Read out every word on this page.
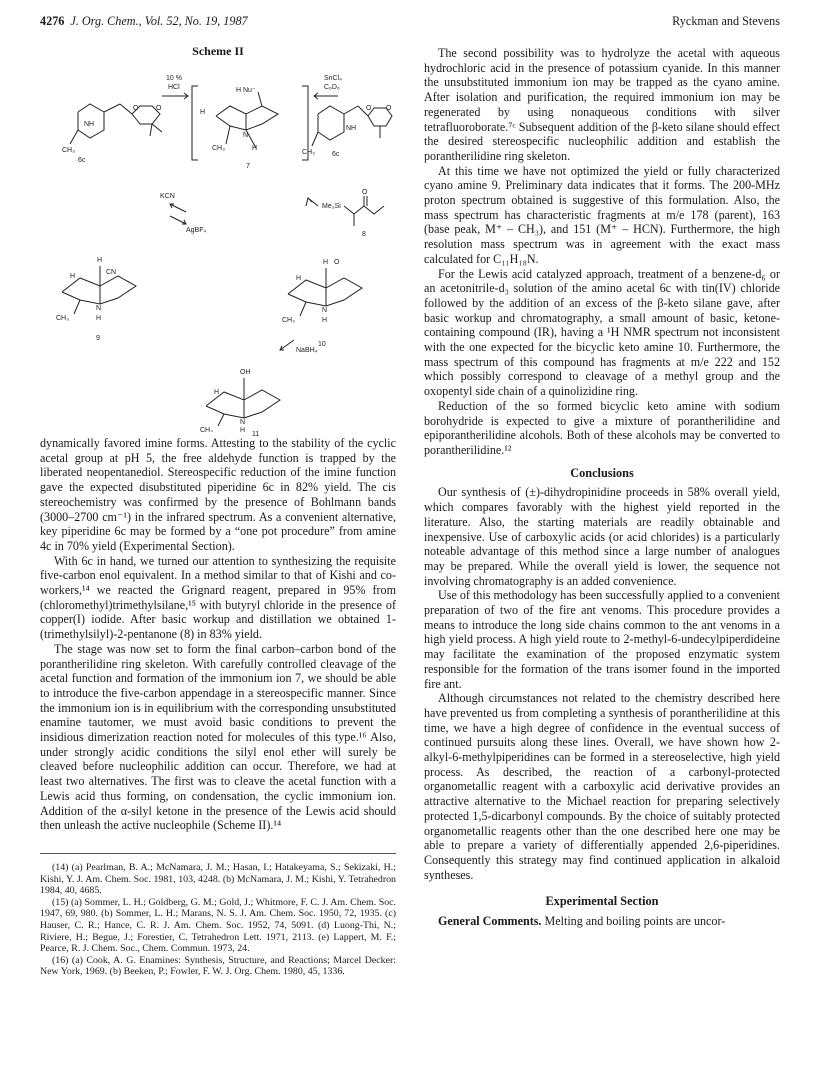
4276 J. Org. Chem., Vol. 52, No. 19, 1987	Ryckman and Stevens
Scheme II
NH
O	O
CH₃
6c
10 %
HCl	H Nu⁻
H
N
CH₃	H
7
SnCl₄
C₆D₆
NH
O O
CH₃ 6c
KCN
AgBF₄
Me₃Si
O
8
H
CN
H
N
CH₃	H
9
H O
H
N
CH₃	H
10
NaBH₄
OH
H
N
CH₃	H
11

dynamically favored imine forms. Attesting to the stability of the cyclic acetal group at pH 5, the free aldehyde function is trapped by the liberated neopentanediol. Stereospecific reduction of the imine function gave the expected disubstituted piperidine 6c in 82% yield. The cis stereochemistry was confirmed by the presence of Bohlmann bands (3000–2700 cm⁻¹) in the infrared spectrum. As a convenient alternative, key piperidine 6c may be formed by a “one pot procedure” from amine 4c in 70% yield (Experimental Section).

With 6c in hand, we turned our attention to synthesizing the requisite five-carbon enol equivalent. In a method similar to that of Kishi and co-workers,¹⁴ we reacted the Grignard reagent, prepared in 95% from (chloromethyl)trimethylsilane,¹⁵ with butyryl chloride in the presence of copper(I) iodide. After basic workup and distillation we obtained 1-(trimethylsilyl)-2-pentanone (8) in 83% yield.

The stage was now set to form the final carbon–carbon bond of the porantherilidine ring skeleton. With carefully controlled cleavage of the acetal function and formation of the immonium ion 7, we should be able to introduce the five-carbon appendage in a stereospecific manner. Since the immonium ion is in equilibrium with the corresponding unsubstituted enamine tautomer, we must avoid basic conditions to prevent the insidious dimerization reaction noted for molecules of this type.¹⁶ Also, under strongly acidic conditions the silyl enol ether will surely be cleaved before nucleophilic addition can occur. Therefore, we had at least two alternatives. The first was to cleave the acetal function with a Lewis acid thus forming, on condensation, the cyclic immonium ion. Addition of the α-silyl ketone in the presence of the Lewis acid should then unleash the active nucleophile (Scheme II).¹⁴

(14) (a) Pearlman, B. A.; McNamara, J. M.; Hasan, I.; Hatakeyama, S.; Sekizaki, H.; Kishi, Y. J. Am. Chem. Soc. 1981, 103, 4248. (b) McNamara, J. M.; Kishi, Y. Tetrahedron 1984, 40, 4685.

(15) (a) Sommer, L. H.; Goldberg, G. M.; Gold, J.; Whitmore, F. C. J. Am. Chem. Soc. 1947, 69, 980. (b) Sommer, L. H.; Marans, N. S. J. Am. Chem. Soc. 1950, 72, 1935. (c) Hauser, C. R.; Hance, C. R. J. Am. Chem. Soc. 1952, 74, 5091. (d) Luong-Thi, N.; Riviere, H.; Begue, J.; Forestier, C. Tetrahedron Lett. 1971, 2113. (e) Lappert, M. F.; Pearce, R. J. Chem. Soc., Chem. Commun. 1973, 24.

(16) (a) Cook, A. G. Enamines: Synthesis, Structure, and Reactions; Marcel Decker: New York, 1969. (b) Beeken, P.; Fowler, F. W. J. Org. Chem. 1980, 45, 1336.

The second possibility was to hydrolyze the acetal with aqueous hydrochloric acid in the presence of potassium cyanide. In this manner the unsubstituted immonium ion may be trapped as the cyano amine. After isolation and purification, the required immonium ion may be regenerated by using nonaqueous conditions with silver tetrafluoroborate.⁷ᶜ Subsequent addition of the β-keto silane should effect the desired stereospecific nucleophilic addition and establish the porantherilidine ring skeleton.

At this time we have not optimized the yield or fully characterized cyano amine 9. Preliminary data indicates that it forms. The 200-MHz proton spectrum obtained is suggestive of this formulation. Also, the mass spectrum has characteristic fragments at m/e 178 (parent), 163 (base peak, M⁺ – CH₃), and 151 (M⁺ – HCN). Furthermore, the high resolution mass spectrum was in agreement with the exact mass calculated for C₁₁H₁₈N.

For the Lewis acid catalyzed approach, treatment of a benzene-d₆ or an acetonitrile-d₃ solution of the amino acetal 6c with tin(IV) chloride followed by the addition of an excess of the β-keto silane gave, after basic workup and chromatography, a small amount of basic, ketone-containing compound (IR), having a ¹H NMR spectrum not inconsistent with the one expected for the bicyclic keto amine 10. Furthermore, the mass spectrum of this compound has fragments at m/e 222 and 152 which possibly correspond to cleavage of a methyl group and the oxopentyl side chain of a quinolizidine ring.

Reduction of the so formed bicyclic keto amine with sodium borohydride is expected to give a mixture of porantherilidine and epiporantherilidine alcohols. Both of these alcohols may be converted to porantherilidine.¹²

Conclusions

Our synthesis of (±)-dihydropinidine proceeds in 58% overall yield, which compares favorably with the highest yield reported in the literature. Also, the starting materials are readily obtainable and inexpensive. Use of carboxylic acids (or acid chlorides) is a particularly noteable advantage of this method since a large number of analogues may be prepared. While the overall yield is lower, the sequence not involving chromatography is an added convenience.

Use of this methodology has been successfully applied to a convenient preparation of two of the fire ant venoms. This procedure provides a means to introduce the long side chains common to the ant venoms in a high yield process. A high yield route to 2-methyl-6-undecylpiperdideine may facilitate the examination of the proposed enzymatic system responsible for the formation of the trans isomer found in the imported fire ant.

Although circumstances not related to the chemistry described here have prevented us from completing a synthesis of porantherilidine at this time, we have a high degree of confidence in the eventual success of continued pursuits along these lines. Overall, we have shown how 2-alkyl-6-methylpiperidines can be formed in a stereoselective, high yield process. As described, the reaction of a carbonyl-protected organometallic reagent with a carboxylic acid derivative provides an attractive alternative to the Michael reaction for preparing selectively protected 1,5-dicarbonyl compounds. By the choice of suitably protected organometallic reagents other than the one described here one may be able to prepare a variety of differentially appended 2,6-piperidines. Consequently this strategy may find continued application in alkaloid syntheses.

Experimental Section

General Comments. Melting and boiling points are uncor-
